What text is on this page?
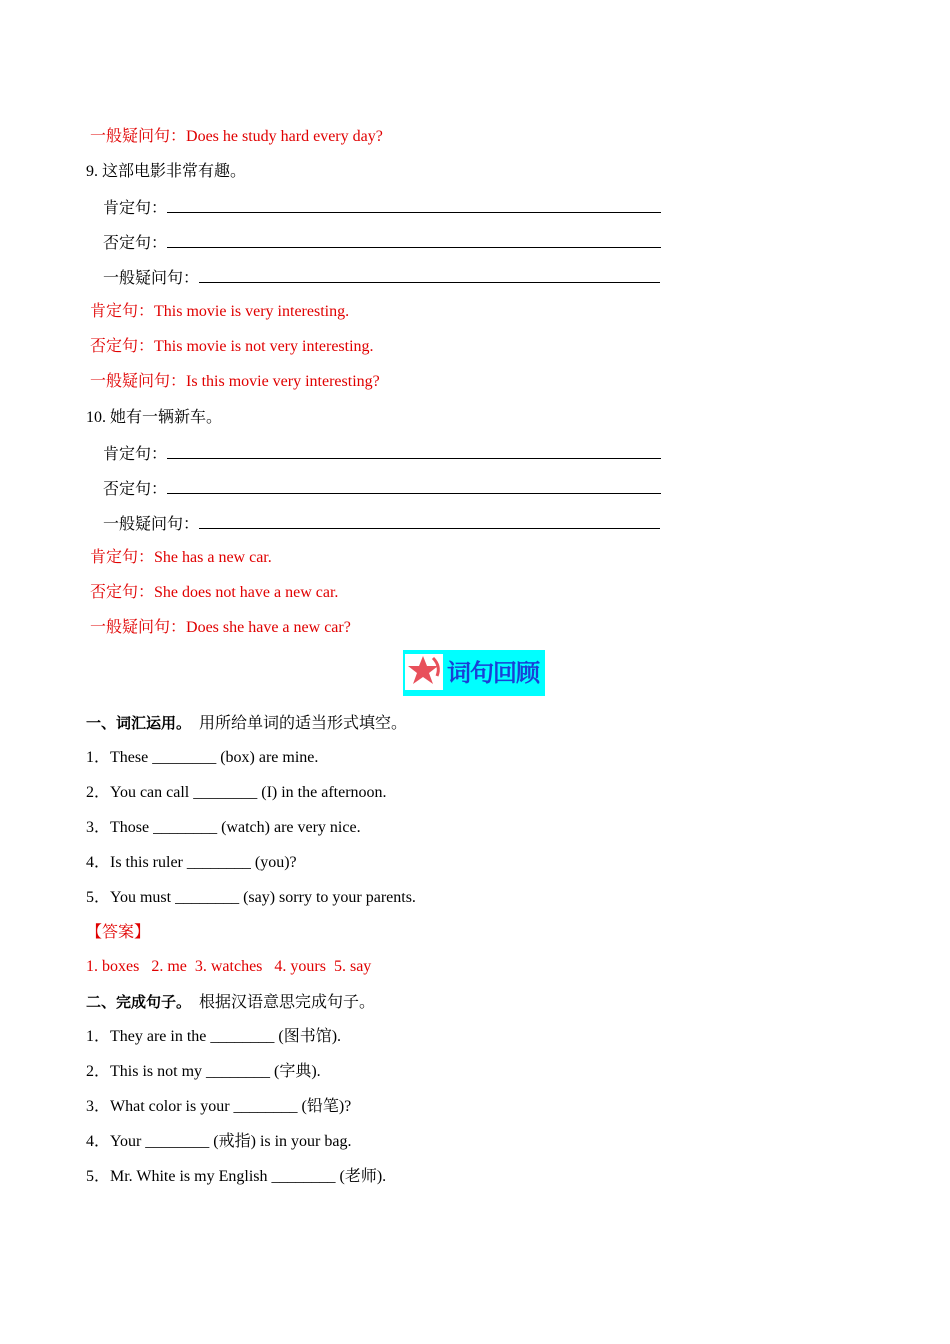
一般疑问句：Does he study hard every day?
9. 这部电影非常有趣。
肯定句：
否定句：
一般疑问句：
肯定句：This movie is very interesting.
否定句：This movie is not very interesting.
一般疑问句：Is this movie very interesting?
10. 她有一辆新车。
肯定句：
否定句：
一般疑问句：
肯定句：She has a new car.
否定句：She does not have a new car.
一般疑问句：Does she have a new car?
词句回顾
一、词汇运用。 用所给单词的适当形式填空。
1．These ________ (box) are mine.
2．You can call ________ (I) in the afternoon.
3．Those ________ (watch) are very nice.
4．Is this ruler ________ (you)?
5．You must ________ (say) sorry to your parents.
【答案】
1. boxes   2. me  3. watches   4. yours  5. say
二、完成句子。 根据汉语意思完成句子。
1．They are in the ________ (图书馆).
2．This is not my ________ (字典).
3．What color is your ________ (铅笔)?
4．Your ________ (戒指) is in your bag.
5．Mr. White is my English ________ (老师).
